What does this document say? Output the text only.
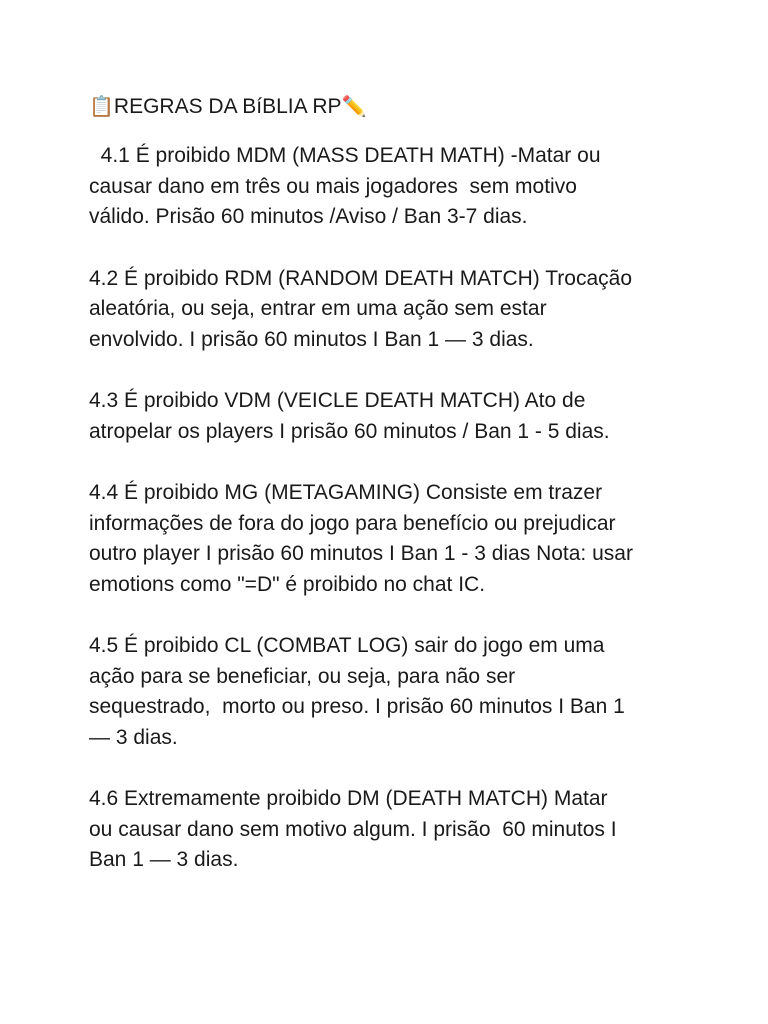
📋REGRAS DA BíBLIA RP✏️
4.1 É proibido MDM (MASS DEATH MATH) -Matar ou
causar dano em três ou mais jogadores  sem motivo
válido. Prisão 60 minutos /Aviso / Ban 3-7 dias.
4.2 É proibido RDM (RANDOM DEATH MATCH) Trocação
aleatória, ou seja, entrar em uma ação sem estar
envolvido. I prisão 60 minutos I Ban 1 — 3 dias.
4.3 É proibido VDM (VEICLE DEATH MATCH) Ato de
atropelar os players I prisão 60 minutos / Ban 1 - 5 dias.
4.4 É proibido MG (METAGAMING) Consiste em trazer
informações de fora do jogo para benefício ou prejudicar
outro player I prisão 60 minutos I Ban 1 - 3 dias Nota: usar
emotions como "=D" é proibido no chat IC.
4.5 É proibido CL (COMBAT LOG) sair do jogo em uma
ação para se beneficiar, ou seja, para não ser
sequestrado,  morto ou preso. I prisão 60 minutos I Ban 1
— 3 dias.
4.6 Extremamente proibido DM (DEATH MATCH) Matar
ou causar dano sem motivo algum. I prisão  60 minutos I
Ban 1 — 3 dias.
